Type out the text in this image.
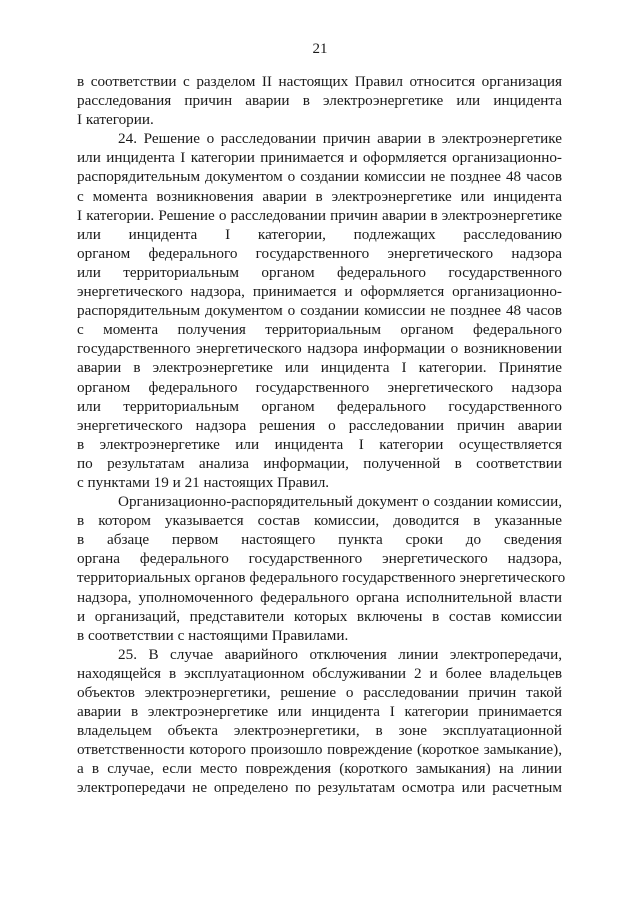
21
в соответствии с разделом II настоящих Правил относится организация
расследования причин аварии в электроэнергетике или инцидента
I категории.
24. Решение о расследовании причин аварии в электроэнергетике
или инцидента I категории принимается и оформляется организационно-
распорядительным документом о создании комиссии не позднее 48 часов
с момента возникновения аварии в электроэнергетике или инцидента
I категории. Решение о расследовании причин аварии в электроэнергетике
или инцидента I категории, подлежащих расследованию
органом федерального государственного энергетического надзора
или территориальным органом федерального государственного
энергетического надзора, принимается и оформляется организационно-
распорядительным документом о создании комиссии не позднее 48 часов
с момента получения территориальным органом федерального
государственного энергетического надзора информации о возникновении
аварии в электроэнергетике или инцидента I категории. Принятие
органом федерального государственного энергетического надзора
или территориальным органом федерального государственного
энергетического надзора решения о расследовании причин аварии
в электроэнергетике или инцидента I категории осуществляется
по результатам анализа информации, полученной в соответствии
с пунктами 19 и 21 настоящих Правил.
Организационно-распорядительный документ о создании комиссии,
в котором указывается состав комиссии, доводится в указанные
в абзаце первом настоящего пункта сроки до сведения
органа федерального государственного энергетического надзора,
территориальных органов федерального государственного энергетического
надзора, уполномоченного федерального органа исполнительной власти
и организаций, представители которых включены в состав комиссии
в соответствии с настоящими Правилами.
25. В случае аварийного отключения линии электропередачи,
находящейся в эксплуатационном обслуживании 2 и более владельцев
объектов электроэнергетики, решение о расследовании причин такой
аварии в электроэнергетике или инцидента I категории принимается
владельцем объекта электроэнергетики, в зоне эксплуатационной
ответственности которого произошло повреждение (короткое замыкание),
а в случае, если место повреждения (короткого замыкания) на линии
электропередачи не определено по результатам осмотра или расчетным
